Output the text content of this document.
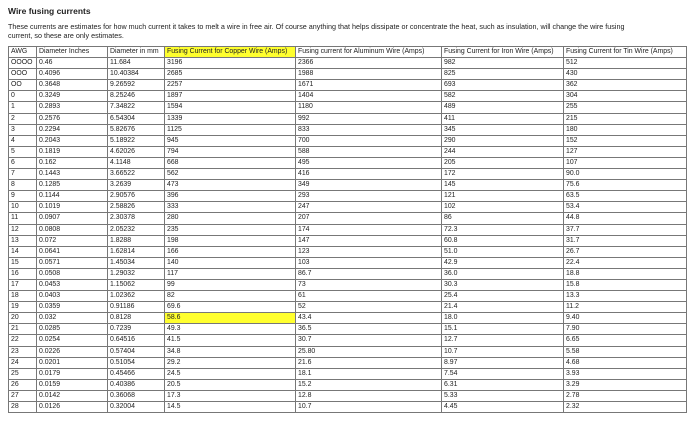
Wire fusing currents

These currents are estimates for how much current it takes to melt a wire in free air. Of course anything that helps dissipate or concentrate the heat, such as insulation, will change the wire fusing current, so these are only estimates.

AWG	Diameter Inches	Diameter in mm	Fusing Current for Copper Wire (Amps)	Fusing current for Aluminum Wire (Amps)	Fusing Current for Iron Wire (Amps)	Fusing Current for Tin Wire (Amps)
OOOO	0.46	11.684	3196	2366	982	512
OOO	0.4096	10.40384	2685	1988	825	430
OO	0.3648	9.26592	2257	1671	693	362
0	0.3249	8.25246	1897	1404	582	304
1	0.2893	7.34822	1594	1180	489	255
2	0.2576	6.54304	1339	992	411	215
3	0.2294	5.82676	1125	833	345	180
4	0.2043	5.18922	945	700	290	152
5	0.1819	4.62026	794	588	244	127
6	0.162	4.1148	668	495	205	107
7	0.1443	3.66522	562	416	172	90.0
8	0.1285	3.2639	473	349	145	75.6
9	0.1144	2.90576	396	293	121	63.5
10	0.1019	2.58826	333	247	102	53.4
11	0.0907	2.30378	280	207	86	44.8
12	0.0808	2.05232	235	174	72.3	37.7
13	0.072	1.8288	198	147	60.8	31.7
14	0.0641	1.62814	166	123	51.0	26.7
15	0.0571	1.45034	140	103	42.9	22.4
16	0.0508	1.29032	117	86.7	36.0	18.8
17	0.0453	1.15062	99	73	30.3	15.8
18	0.0403	1.02362	82	61	25.4	13.3
19	0.0359	0.91186	69.6	52	21.4	11.2
20	0.032	0.8128	58.6	43.4	18.0	9.40
21	0.0285	0.7239	49.3	36.5	15.1	7.90
22	0.0254	0.64516	41.5	30.7	12.7	6.65
23	0.0226	0.57404	34.8	25.80	10.7	5.58
24	0.0201	0.51054	29.2	21.6	8.97	4.68
25	0.0179	0.45466	24.5	18.1	7.54	3.93
26	0.0159	0.40386	20.5	15.2	6.31	3.29
27	0.0142	0.36068	17.3	12.8	5.33	2.78
28	0.0126	0.32004	14.5	10.7	4.45	2.32
